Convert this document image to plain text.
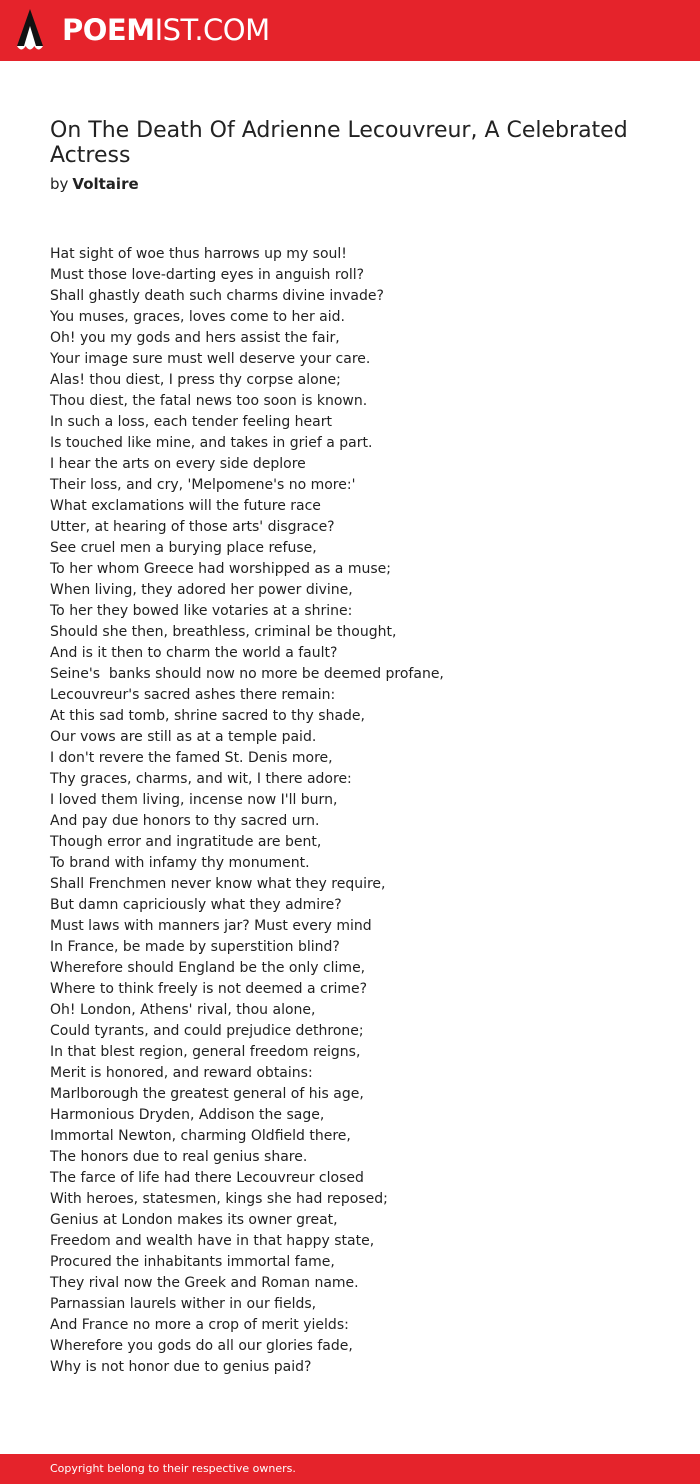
POEMIST.COM
On The Death Of Adrienne Lecouvreur, A Celebrated Actress
by Voltaire
Hat sight of woe thus harrows up my soul!
Must those love-darting eyes in anguish roll?
Shall ghastly death such charms divine invade?
You muses, graces, loves come to her aid.
Oh! you my gods and hers assist the fair,
Your image sure must well deserve your care.
Alas! thou diest, I press thy corpse alone;
Thou diest, the fatal news too soon is known.
In such a loss, each tender feeling heart
Is touched like mine, and takes in grief a part.
I hear the arts on every side deplore
Their loss, and cry, 'Melpomene's no more:'
What exclamations will the future race
Utter, at hearing of those arts' disgrace?
See cruel men a burying place refuse,
To her whom Greece had worshipped as a muse;
When living, they adored her power divine,
To her they bowed like votaries at a shrine:
Should she then, breathless, criminal be thought,
And is it then to charm the world a fault?
Seine's  banks should now no more be deemed profane,
Lecouvreur's sacred ashes there remain:
At this sad tomb, shrine sacred to thy shade,
Our vows are still as at a temple paid.
I don't revere the famed St. Denis more,
Thy graces, charms, and wit, I there adore:
I loved them living, incense now I'll burn,
And pay due honors to thy sacred urn.
Though error and ingratitude are bent,
To brand with infamy thy monument.
Shall Frenchmen never know what they require,
But damn capriciously what they admire?
Must laws with manners jar? Must every mind
In France, be made by superstition blind?
Wherefore should England be the only clime,
Where to think freely is not deemed a crime?
Oh! London, Athens' rival, thou alone,
Could tyrants, and could prejudice dethrone;
In that blest region, general freedom reigns,
Merit is honored, and reward obtains:
Marlborough the greatest general of his age,
Harmonious Dryden, Addison the sage,
Immortal Newton, charming Oldfield there,
The honors due to real genius share.
The farce of life had there Lecouvreur closed
With heroes, statesmen, kings she had reposed;
Genius at London makes its owner great,
Freedom and wealth have in that happy state,
Procured the inhabitants immortal fame,
They rival now the Greek and Roman name.
Parnassian laurels wither in our fields,
And France no more a crop of merit yields:
Wherefore you gods do all our glories fade,
Why is not honor due to genius paid?
Copyright belong to their respective owners.
